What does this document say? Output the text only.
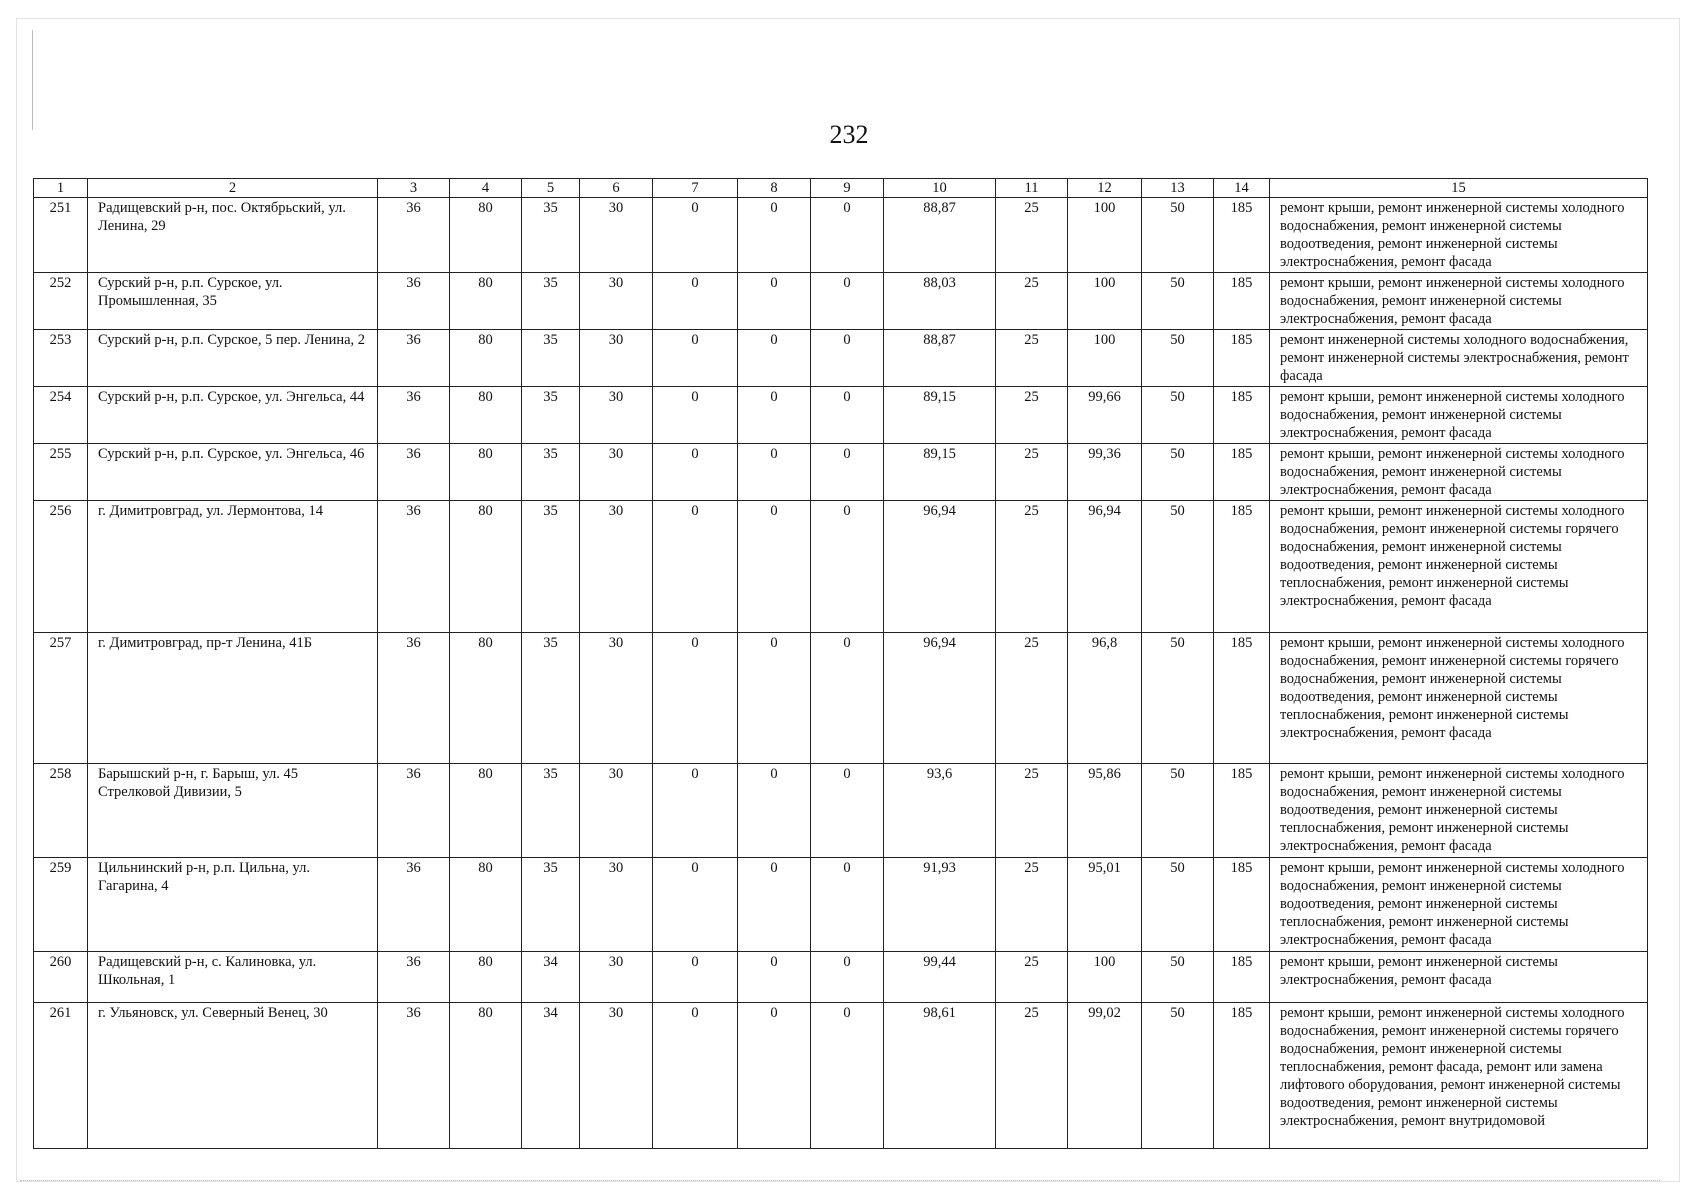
232
1	2	3	4	5	6	7	8	9	10	11	12	13	14	15
251	Радищевский р-н, пос. Октябрьский, ул. Ленина, 29	36	80	35	30	0	0	0	88,87	25	100	50	185	ремонт крыши, ремонт инженерной системы холодного водоснабжения, ремонт инженерной системы водоотведения, ремонт инженерной системы электроснабжения, ремонт фасада
252	Сурский р-н, р.п. Сурское, ул. Промышленная, 35	36	80	35	30	0	0	0	88,03	25	100	50	185	ремонт крыши, ремонт инженерной системы холодного водоснабжения, ремонт инженерной системы электроснабжения, ремонт фасада
253	Сурский р-н, р.п. Сурское, 5 пер. Ленина, 2	36	80	35	30	0	0	0	88,87	25	100	50	185	ремонт инженерной системы холодного водоснабжения, ремонт инженерной системы электроснабжения, ремонт фасада
254	Сурский р-н, р.п. Сурское, ул. Энгельса, 44	36	80	35	30	0	0	0	89,15	25	99,66	50	185	ремонт крыши, ремонт инженерной системы холодного водоснабжения, ремонт инженерной системы электроснабжения, ремонт фасада
255	Сурский р-н, р.п. Сурское, ул. Энгельса, 46	36	80	35	30	0	0	0	89,15	25	99,36	50	185	ремонт крыши, ремонт инженерной системы холодного водоснабжения, ремонт инженерной системы электроснабжения, ремонт фасада
256	г. Димитровград, ул. Лермонтова, 14	36	80	35	30	0	0	0	96,94	25	96,94	50	185	ремонт крыши, ремонт инженерной системы холодного водоснабжения, ремонт инженерной системы горячего водоснабжения, ремонт инженерной системы водоотведения, ремонт инженерной системы теплоснабжения, ремонт инженерной системы электроснабжения, ремонт фасада
257	г. Димитровград, пр-т Ленина, 41Б	36	80	35	30	0	0	0	96,94	25	96,8	50	185	ремонт крыши, ремонт инженерной системы холодного водоснабжения, ремонт инженерной системы горячего водоснабжения, ремонт инженерной системы водоотведения, ремонт инженерной системы теплоснабжения, ремонт инженерной системы электроснабжения, ремонт фасада
258	Барышский р-н, г. Барыш, ул. 45 Стрелковой Дивизии, 5	36	80	35	30	0	0	0	93,6	25	95,86	50	185	ремонт крыши, ремонт инженерной системы холодного водоснабжения, ремонт инженерной системы водоотведения, ремонт инженерной системы теплоснабжения, ремонт инженерной системы электроснабжения, ремонт фасада
259	Цильнинский р-н, р.п. Цильна, ул. Гагарина, 4	36	80	35	30	0	0	0	91,93	25	95,01	50	185	ремонт крыши, ремонт инженерной системы холодного водоснабжения, ремонт инженерной системы водоотведения, ремонт инженерной системы теплоснабжения, ремонт инженерной системы электроснабжения, ремонт фасада
260	Радищевский р-н, с. Калиновка, ул. Школьная, 1	36	80	34	30	0	0	0	99,44	25	100	50	185	ремонт крыши, ремонт инженерной системы электроснабжения, ремонт фасада
261	г. Ульяновск, ул. Северный Венец, 30	36	80	34	30	0	0	0	98,61	25	99,02	50	185	ремонт крыши, ремонт инженерной системы холодного водоснабжения, ремонт инженерной системы горячего водоснабжения, ремонт инженерной системы теплоснабжения, ремонт фасада, ремонт или замена лифтового оборудования, ремонт инженерной системы водоотведения, ремонт инженерной системы электроснабжения, ремонт внутридомовой
